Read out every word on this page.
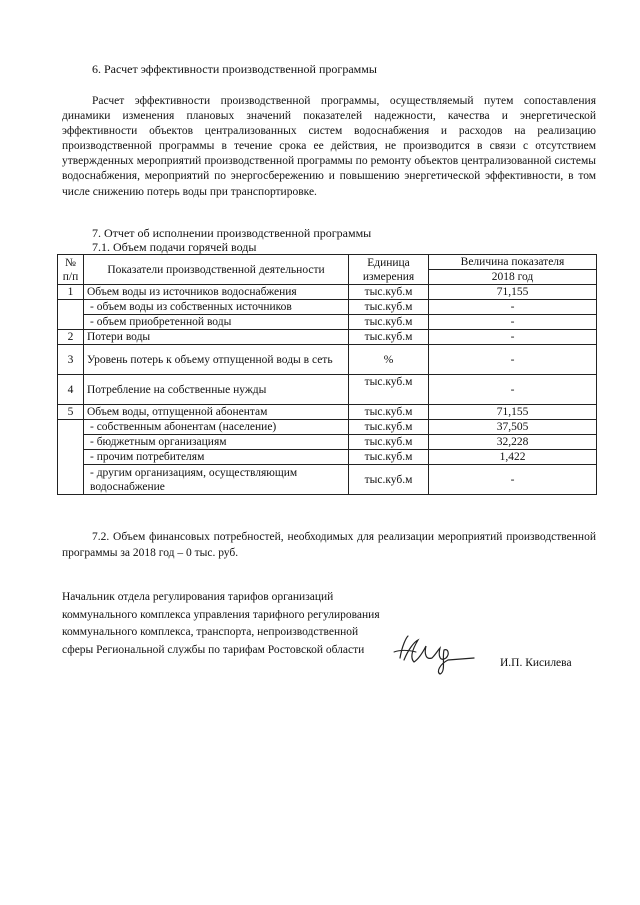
6. Расчет эффективности производственной программы
Расчет эффективности производственной программы, осуществляемый путем сопоставления динамики изменения плановых значений показателей надежности, качества и энергетической эффективности объектов централизованных систем водоснабжения и расходов на реализацию производственной программы в течение срока ее действия, не производится в связи с отсутствием утвержденных мероприятий производственной программы по ремонту объектов централизованной системы водоснабжения, мероприятий по энергосбережению и повышению энергетической эффективности, в том числе снижению потерь воды при транспортировке.
7. Отчет об исполнении производственной программы
7.1. Объем подачи горячей воды
№ п/п	Показатели производственной деятельности	Единица измерения	Величина показателя
			2018 год
1	Объем воды из источников водоснабжения	тыс.куб.м	71,155
	- объем воды из собственных источников	тыс.куб.м	-
	- объем приобретенной воды	тыс.куб.м	-
2	Потери воды	тыс.куб.м	-
3	Уровень потерь к объему отпущенной воды в сеть	%	-
4	Потребление на собственные нужды	тыс.куб.м	-
5	Объем воды, отпущенной абонентам	тыс.куб.м	71,155
	- собственным абонентам (население)	тыс.куб.м	37,505
	- бюджетным организациям	тыс.куб.м	32,228
	- прочим потребителям	тыс.куб.м	1,422
	- другим организациям, осуществляющим водоснабжение	тыс.куб.м	-
7.2. Объем финансовых потребностей, необходимых для реализации мероприятий производственной программы за 2018 год – 0 тыс. руб.
Начальник отдела регулирования тарифов организаций коммунального комплекса управления тарифного регулирования коммунального комплекса, транспорта, непроизводственной сферы Региональной службы по тарифам Ростовской области
И.П. Кисилева
